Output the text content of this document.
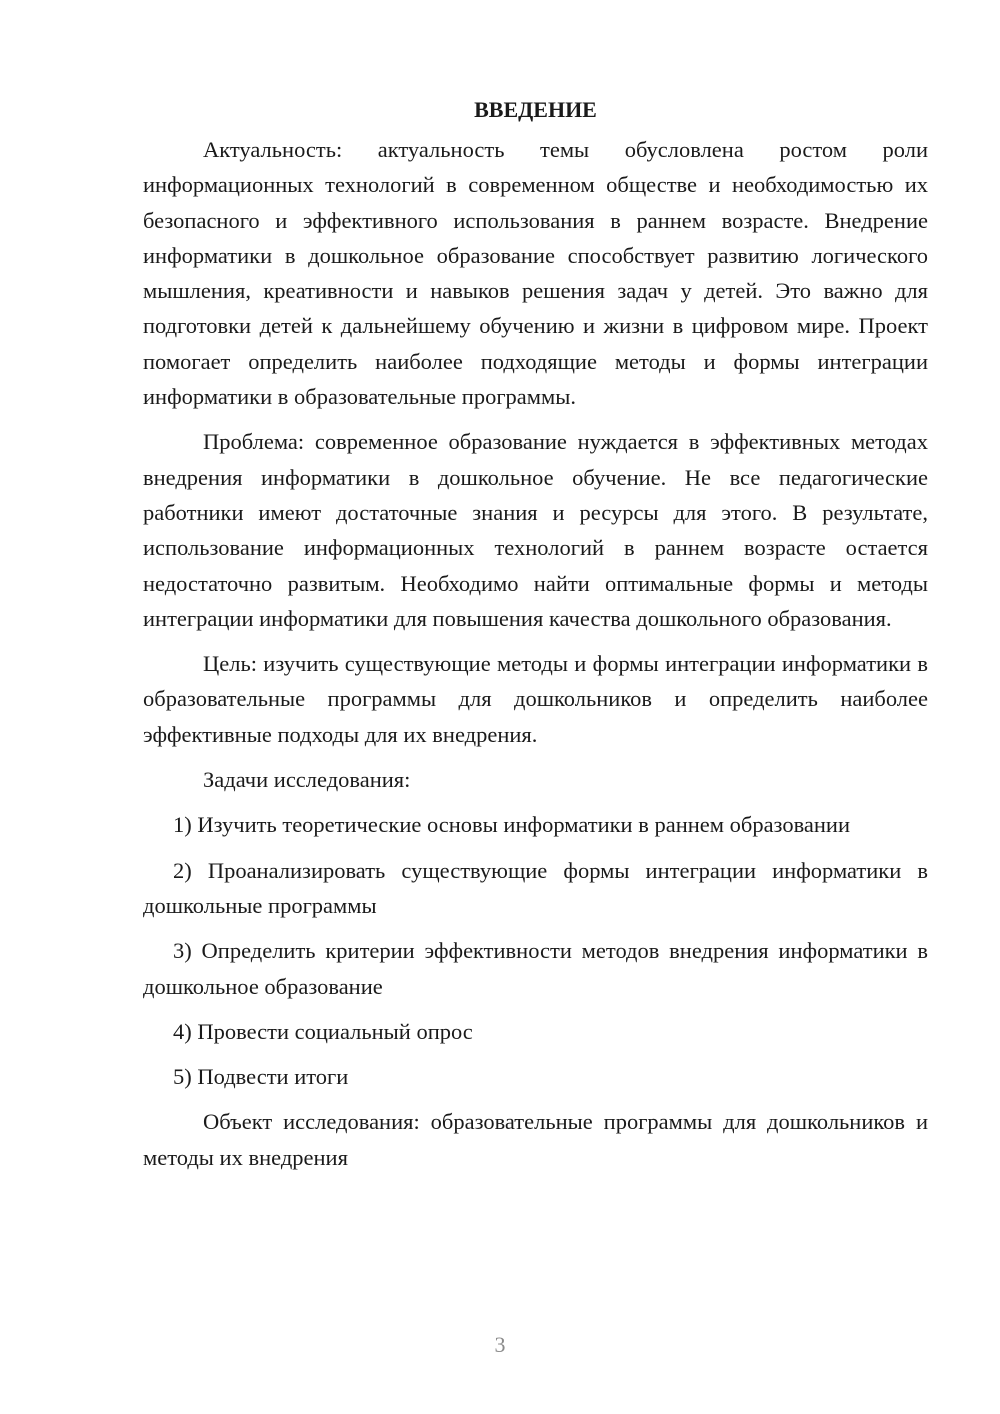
ВВЕДЕНИЕ

Актуальность: актуальность темы обусловлена ростом роли информационных технологий в современном обществе и необходимостью их безопасного и эффективного использования в раннем возрасте. Внедрение информатики в дошкольное образование способствует развитию логического мышления, креативности и навыков решения задач у детей. Это важно для подготовки детей к дальнейшему обучению и жизни в цифровом мире. Проект помогает определить наиболее подходящие методы и формы интеграции информатики в образовательные программы.

Проблема: современное образование нуждается в эффективных методах внедрения информатики в дошкольное обучение. Не все педагогические работники имеют достаточные знания и ресурсы для этого. В результате, использование информационных технологий в раннем возрасте остается недостаточно развитым. Необходимо найти оптимальные формы и методы интеграции информатики для повышения качества дошкольного образования.

Цель: изучить существующие методы и формы интеграции информатики в образовательные программы для дошкольников и определить наиболее эффективные подходы для их внедрения.

Задачи исследования:

1) Изучить теоретические основы информатики в раннем образовании

2) Проанализировать существующие формы интеграции информатики в дошкольные программы

3) Определить критерии эффективности методов внедрения информатики в дошкольное образование

4) Провести социальный опрос

5) Подвести итоги

Объект исследования: образовательные программы для дошкольников и методы их внедрения

3
